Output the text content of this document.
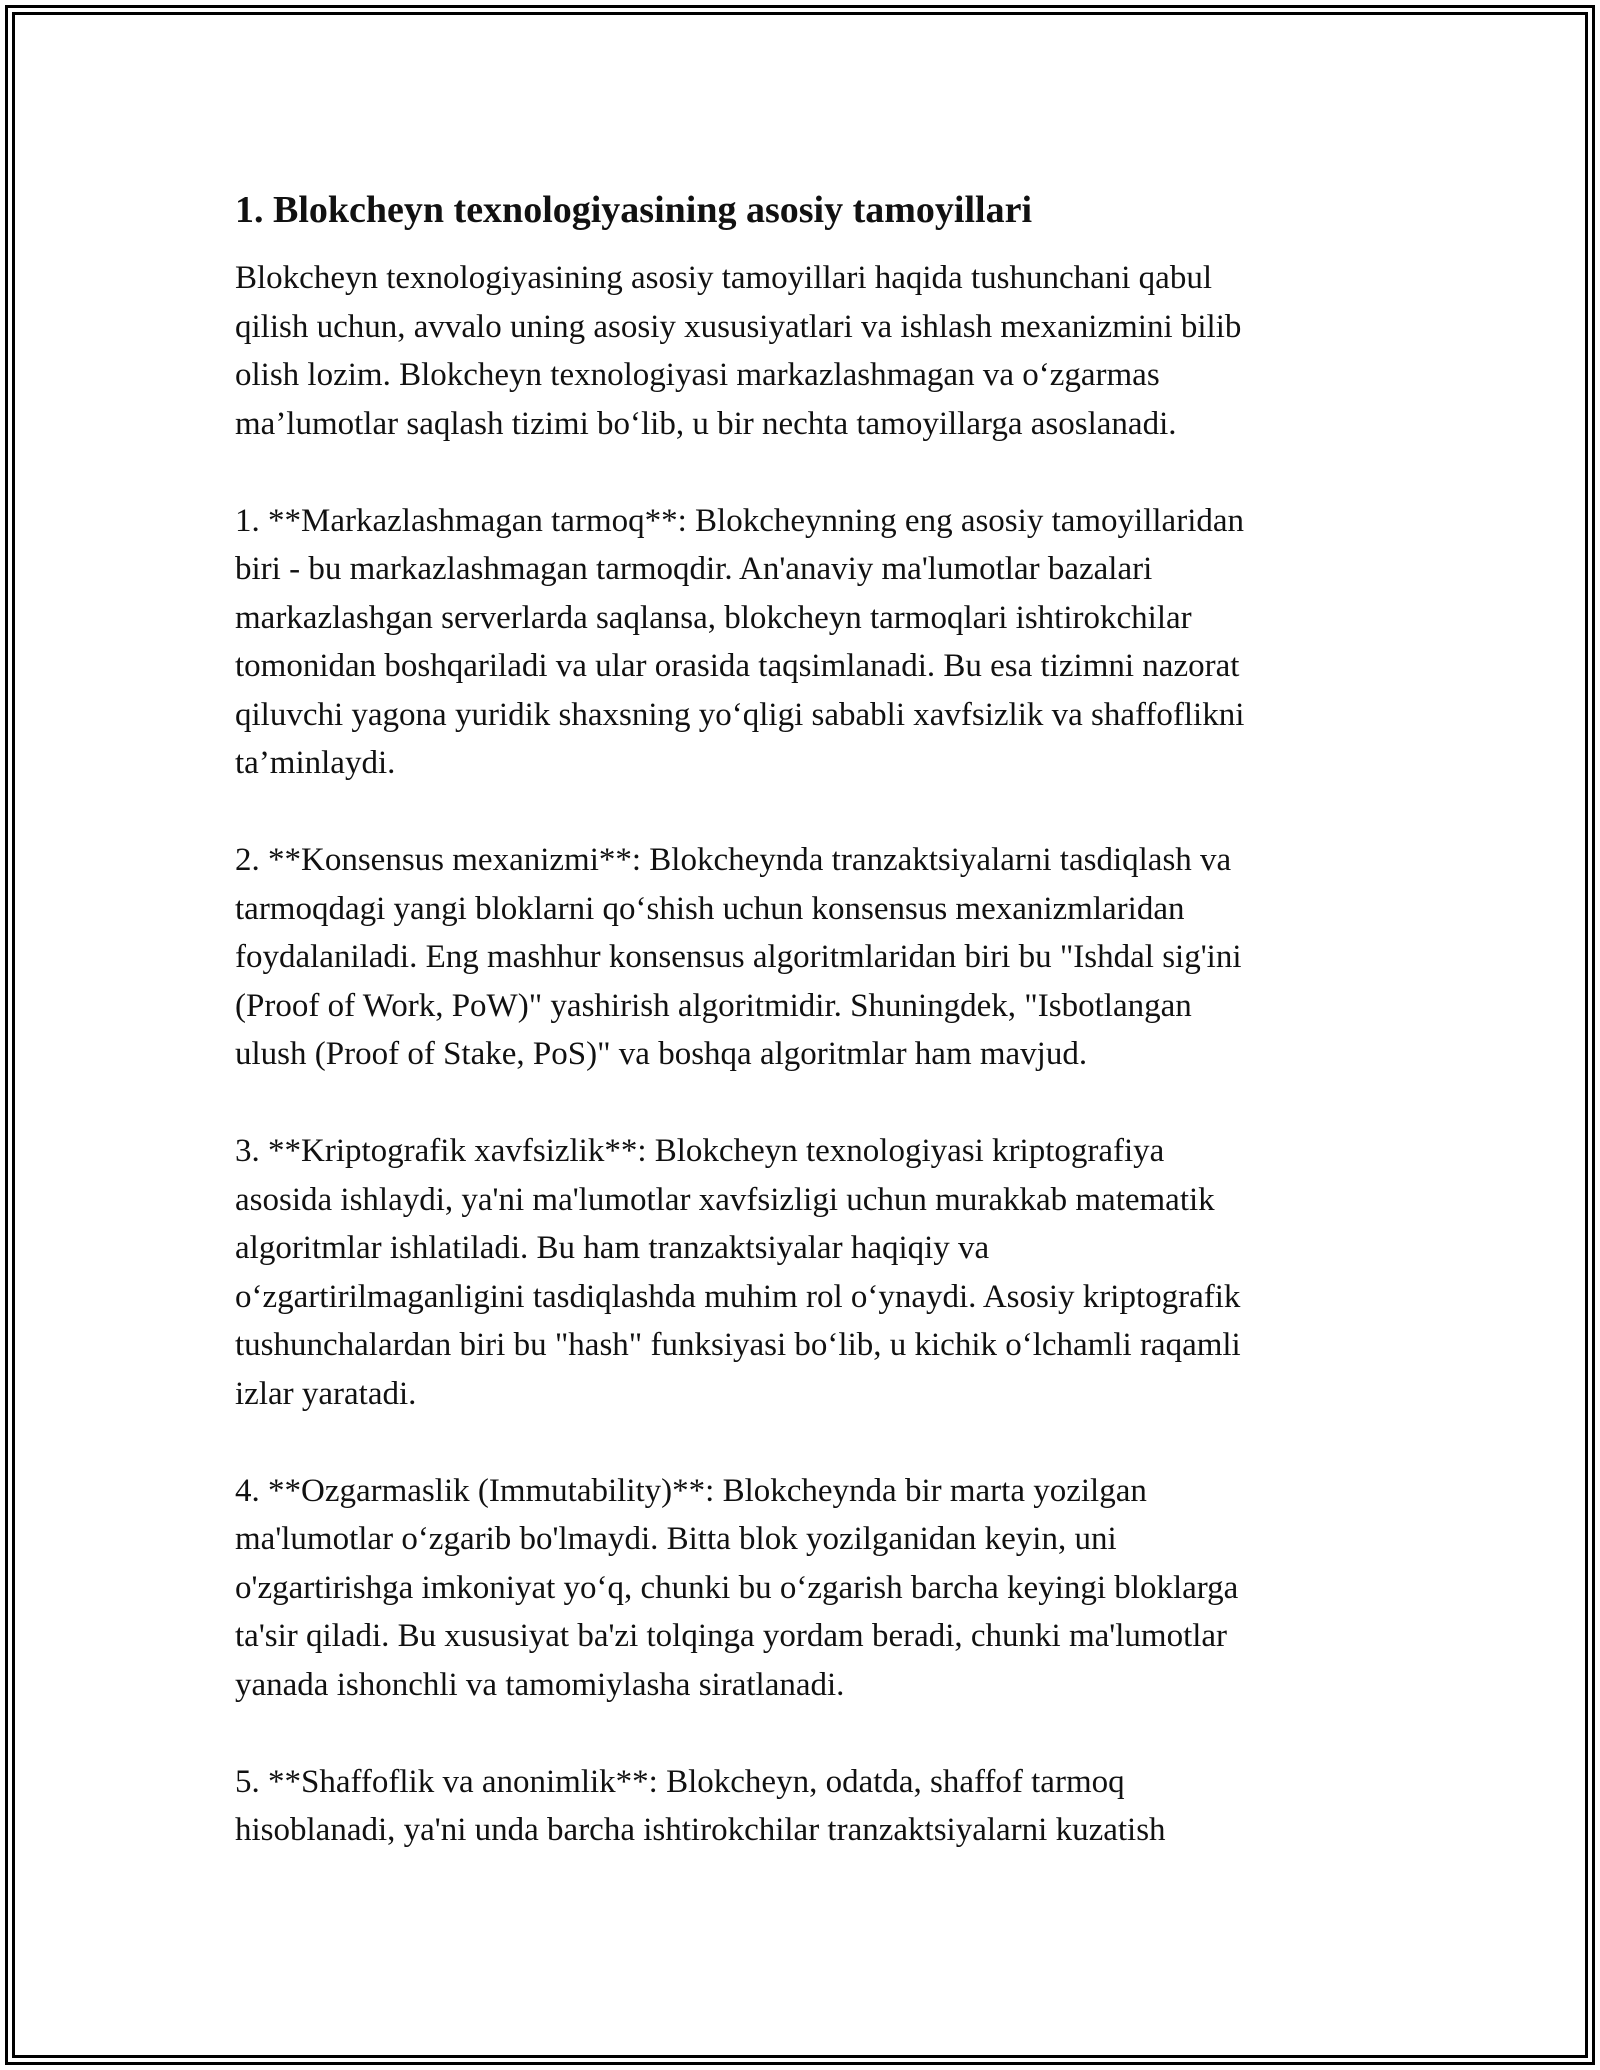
1. Blokcheyn texnologiyasining asosiy tamoyillari
Blokcheyn texnologiyasining asosiy tamoyillari haqida tushunchani qabul
qilish uchun, avvalo uning asosiy xususiyatlari va ishlash mexanizmini bilib
olish lozim. Blokcheyn texnologiyasi markazlashmagan va o‘zgarmas
ma’lumotlar saqlash tizimi bo‘lib, u bir nechta tamoyillarga asoslanadi.
1. **Markazlashmagan tarmoq**: Blokcheynning eng asosiy tamoyillaridan
biri - bu markazlashmagan tarmoqdir. An'anaviy ma'lumotlar bazalari
markazlashgan serverlarda saqlansa, blokcheyn tarmoqlari ishtirokchilar
tomonidan boshqariladi va ular orasida taqsimlanadi. Bu esa tizimni nazorat
qiluvchi yagona yuridik shaxsning yo‘qligi sababli xavfsizlik va shaffoflikni
ta’minlaydi.
2. **Konsensus mexanizmi**: Blokcheynda tranzaktsiyalarni tasdiqlash va
tarmoqdagi yangi bloklarni qo‘shish uchun konsensus mexanizmlaridan
foydalaniladi. Eng mashhur konsensus algoritmlaridan biri bu "Ishdal sig'ini
(Proof of Work, PoW)" yashirish algoritmidir. Shuningdek, "Isbotlangan
ulush (Proof of Stake, PoS)" va boshqa algoritmlar ham mavjud.
3. **Kriptografik xavfsizlik**: Blokcheyn texnologiyasi kriptografiya
asosida ishlaydi, ya'ni ma'lumotlar xavfsizligi uchun murakkab matematik
algoritmlar ishlatiladi. Bu ham tranzaktsiyalar haqiqiy va
o‘zgartirilmaganligini tasdiqlashda muhim rol o‘ynaydi. Asosiy kriptografik
tushunchalardan biri bu "hash" funksiyasi bo‘lib, u kichik o‘lchamli raqamli
izlar yaratadi.
4. **Ozgarmaslik (Immutability)**: Blokcheynda bir marta yozilgan
ma'lumotlar o‘zgarib bo'lmaydi. Bitta blok yozilganidan keyin, uni
o'zgartirishga imkoniyat yo‘q, chunki bu o‘zgarish barcha keyingi bloklarga
ta'sir qiladi. Bu xususiyat ba'zi tolqinga yordam beradi, chunki ma'lumotlar
yanada ishonchli va tamomiylasha siratlanadi.
5. **Shaffoflik va anonimlik**: Blokcheyn, odatda, shaffof tarmoq
hisoblanadi, ya'ni unda barcha ishtirokchilar tranzaktsiyalarni kuzatish
